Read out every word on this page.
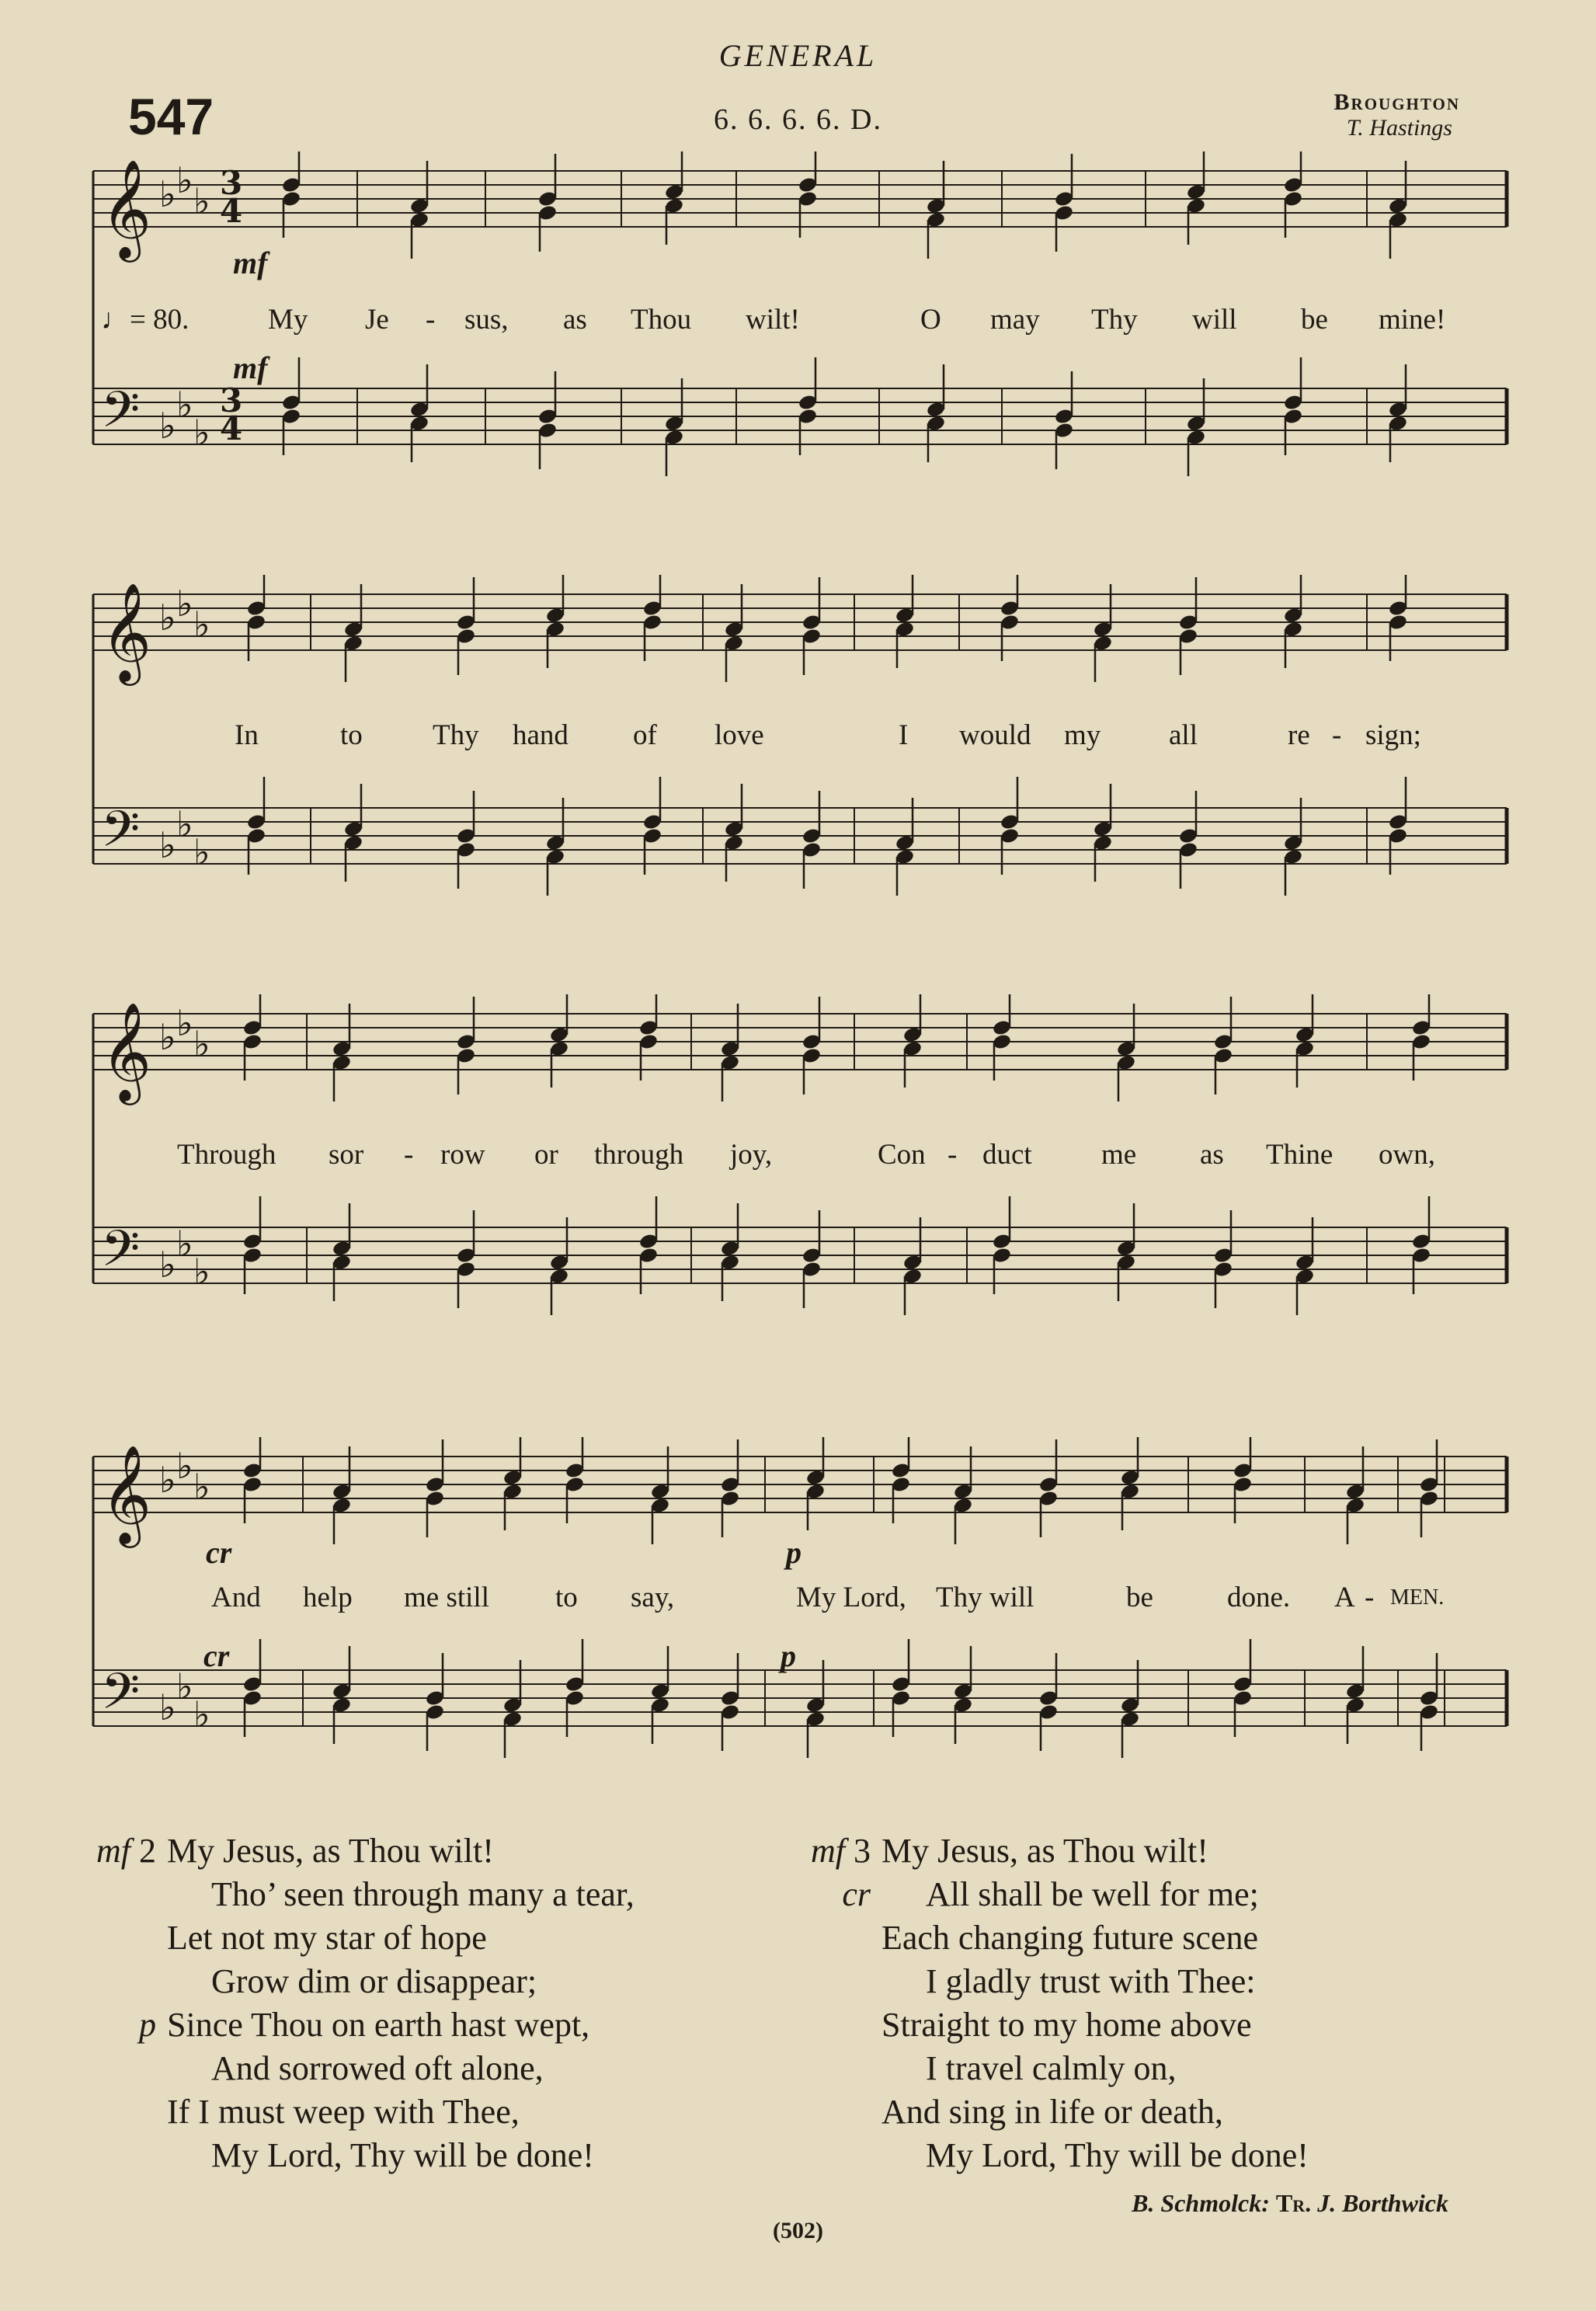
GENERAL
547	6. 6. 6. 6. D.
Broughton
T. Hastings
𝄞
𝄢
♭ ♭ ♭
♭ ♭
♭
3
4
3
4
mf
mf
♩= 80.	My Je - sus, as Thou wilt!	O may Thy will be mine!
𝄞
𝄢
♭ ♭ ♭
♭ ♭
♭
In	to Thy hand of love	I would my all	re - sign;
𝄞
𝄢
♭ ♭ ♭
♭ ♭
♭
Through sor - row or through joy,	Con - duct me as Thine own,
𝄞
𝄢
♭ ♭ ♭
♭ ♭
♭
cr
cr
p
p
And help me still to say,	My Lord, Thy will	be	done. A - MEN.
mf 2 My Jesus, as Thou wilt!
Tho’ seen through many a tear,
Let not my star of hope
Grow dim or disappear;
p Since Thou on earth hast wept,
And sorrowed oft alone,
If I must weep with Thee,
My Lord, Thy will be done!
mf 3 My Jesus, as Thou wilt!
cr All shall be well for me;
Each changing future scene
I gladly trust with Thee:
Straight to my home above
I travel calmly on,
And sing in life or death,
My Lord, Thy will be done!
B. Schmolck: Tr. J. Borthwick
(502)
